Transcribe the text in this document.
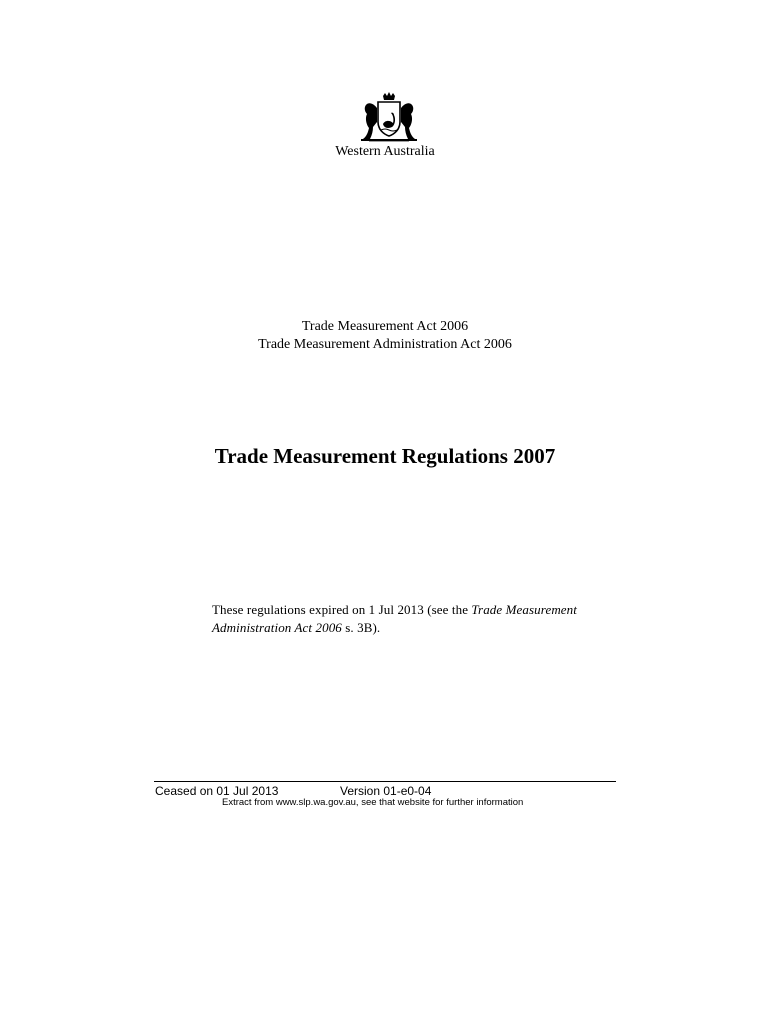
Western Australia
Trade Measurement Act 2006
Trade Measurement Administration Act 2006
Trade Measurement Regulations 2007
These regulations expired on 1 Jul 2013 (see the Trade Measurement
Administration Act 2006 s. 3B).
Ceased on 01 Jul 2013	Version 01-e0-04
Extract from www.slp.wa.gov.au, see that website for further information
